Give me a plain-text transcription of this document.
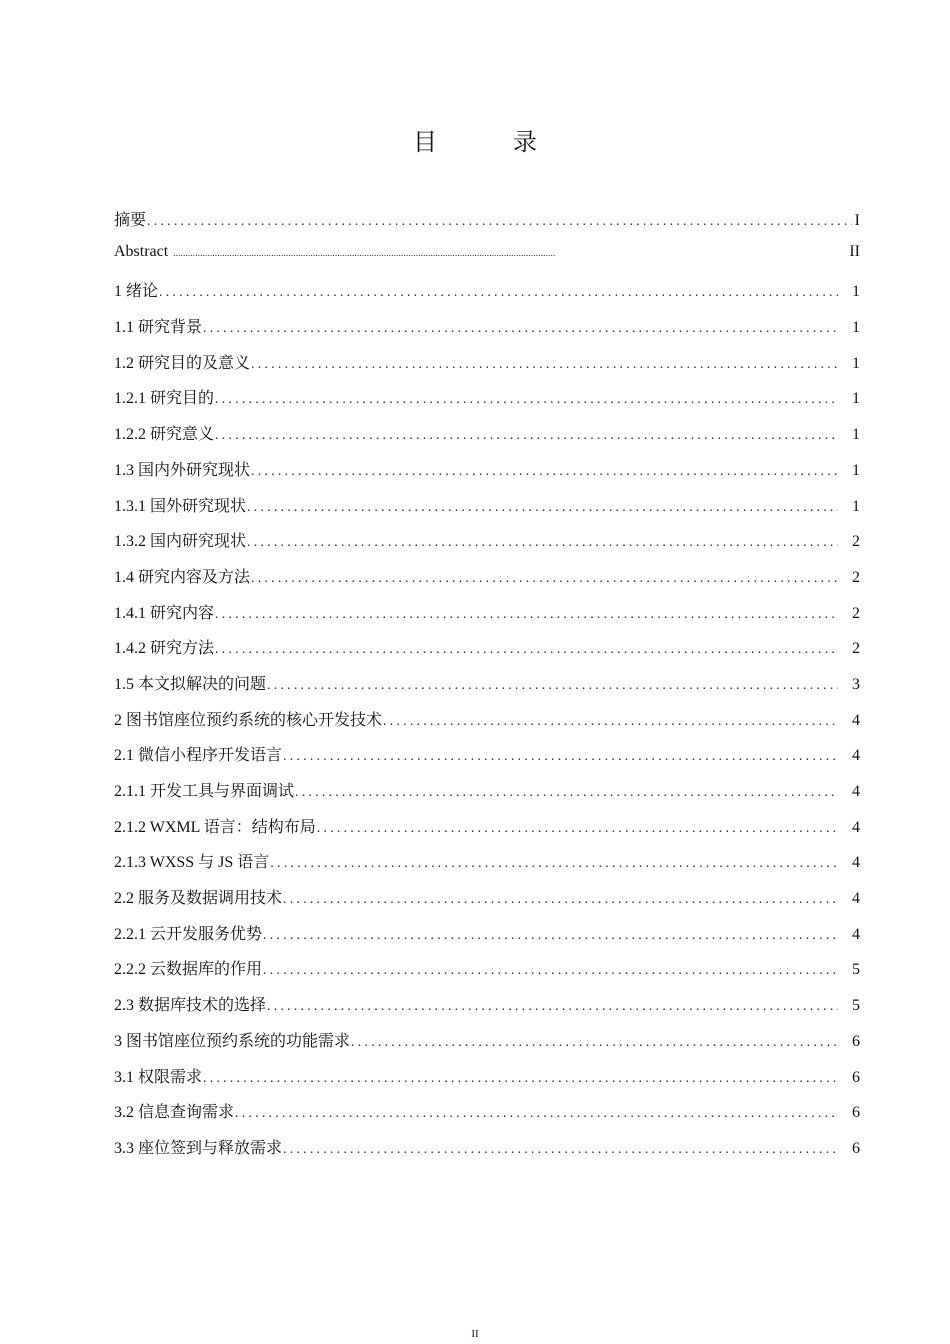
目　录
摘要 .....	I
Abstract .....	II
1 绪论 .....	1
1.1 研究背景 .....	1
1.2 研究目的及意义 .....	1
1.2.1 研究目的 .....	1
1.2.2 研究意义 .....	1
1.3 国内外研究现状 .....	1
1.3.1 国外研究现状 .....	1
1.3.2 国内研究现状 .....	2
1.4 研究内容及方法 .....	2
1.4.1 研究内容 .....	2
1.4.2 研究方法 .....	2
1.5 本文拟解决的问题 .....	3
2 图书馆座位预约系统的核心开发技术 .....	4
2.1 微信小程序开发语言 .....	4
2.1.1 开发工具与界面调试 .....	4
2.1.2 WXML 语言：结构布局 .....	4
2.1.3 WXSS 与 JS 语言 .....	4
2.2 服务及数据调用技术 .....	4
2.2.1 云开发服务优势 .....	4
2.2.2 云数据库的作用 .....	5
2.3 数据库技术的选择 .....	5
3 图书馆座位预约系统的功能需求 .....	6
3.1 权限需求 .....	6
3.2 信息查询需求 .....	6
3.3 座位签到与释放需求 .....	6
II
